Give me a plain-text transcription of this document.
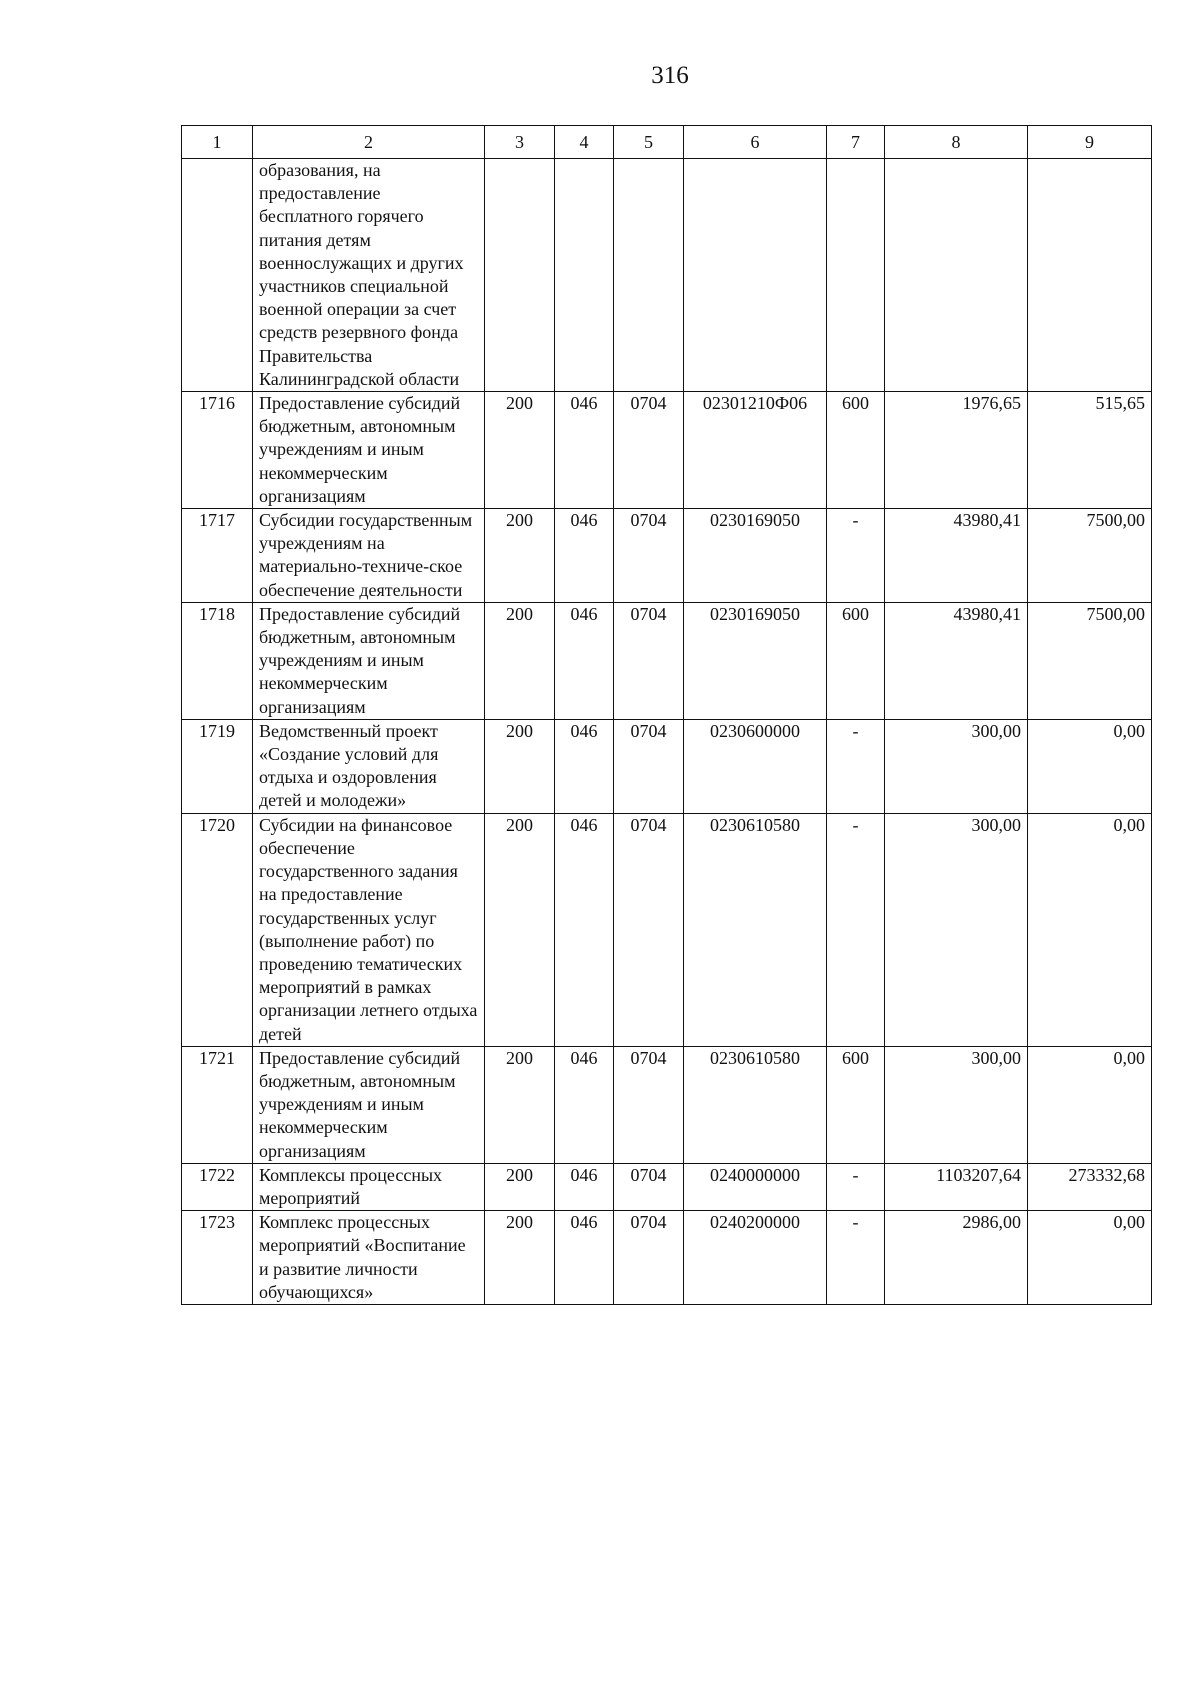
316
1	2	3	4	5	6	7	8	9
	образования, на предоставление бесплатного горячего питания детям военнослужащих и других участников специальной военной операции за счет средств резервного фонда Правительства Калининградской области							
1716	Предоставление субсидий бюджетным, автономным учреждениям и иным некоммерческим организациям	200	046	0704	02301210Ф06	600	1976,65	515,65
1717	Субсидии государственным учреждениям на материально-техниче-ское обеспечение деятельности	200	046	0704	0230169050	-	43980,41	7500,00
1718	Предоставление субсидий бюджетным, автономным учреждениям и иным некоммерческим организациям	200	046	0704	0230169050	600	43980,41	7500,00
1719	Ведомственный проект «Создание условий для отдыха и оздоровления детей и молодежи»	200	046	0704	0230600000	-	300,00	0,00
1720	Субсидии на финансовое обеспечение государственного задания на предоставление государственных услуг (выполнение работ) по проведению тематических мероприятий в рамках организации летнего отдыха детей	200	046	0704	0230610580	-	300,00	0,00
1721	Предоставление субсидий бюджетным, автономным учреждениям и иным некоммерческим организациям	200	046	0704	0230610580	600	300,00	0,00
1722	Комплексы процессных мероприятий	200	046	0704	0240000000	-	1103207,64	273332,68
1723	Комплекс процессных мероприятий «Воспитание и развитие личности обучающихся»	200	046	0704	0240200000	-	2986,00	0,00
